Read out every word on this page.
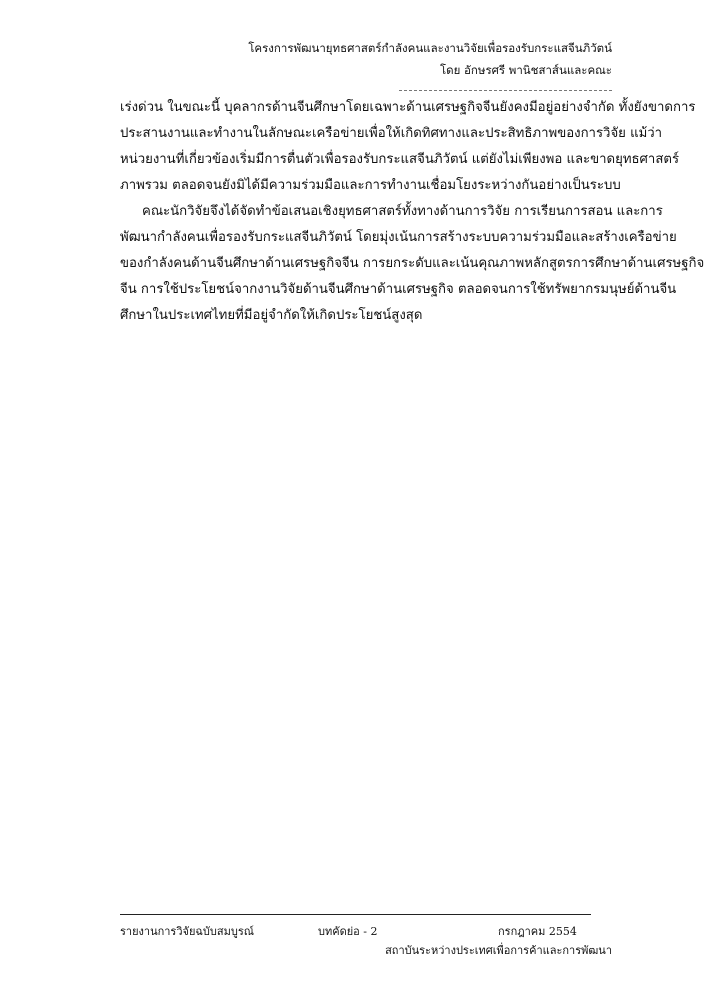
โครงการพัฒนายุทธศาสตร์กำลังคนและงานวิจัยเพื่อรองรับกระแสจีนภิวัตน์
โดย อักษรศรี พานิชสาส์นและคณะ
เร่งด่วน ในขณะนี้ บุคลากรด้านจีนศึกษาโดยเฉพาะด้านเศรษฐกิจจีนยังคงมีอยู่อย่างจำกัด ทั้งยังขาดการ
ประสานงานและทำงานในลักษณะเครือข่ายเพื่อให้เกิดทิศทางและประสิทธิภาพของการวิจัย แม้ว่า
หน่วยงานที่เกี่ยวข้องเริ่มมีการตื่นตัวเพื่อรองรับกระแสจีนภิวัตน์ แต่ยังไม่เพียงพอ และขาดยุทธศาสตร์
ภาพรวม ตลอดจนยังมิได้มีความร่วมมือและการทำงานเชื่อมโยงระหว่างกันอย่างเป็นระบบ
คณะนักวิจัยจึงได้จัดทำข้อเสนอเชิงยุทธศาสตร์ทั้งทางด้านการวิจัย การเรียนการสอน และการ
พัฒนากำลังคนเพื่อรองรับกระแสจีนภิวัตน์ โดยมุ่งเน้นการสร้างระบบความร่วมมือและสร้างเครือข่าย
ของกำลังคนด้านจีนศึกษาด้านเศรษฐกิจจีน การยกระดับและเน้นคุณภาพหลักสูตรการศึกษาด้านเศรษฐกิจ
จีน การใช้ประโยชน์จากงานวิจัยด้านจีนศึกษาด้านเศรษฐกิจ ตลอดจนการใช้ทรัพยากรมนุษย์ด้านจีน
ศึกษาในประเทศไทยที่มีอยู่จำกัดให้เกิดประโยชน์สูงสุด
รายงานการวิจัยฉบับสมบูรณ์	บทคัดย่อ - 2	กรกฎาคม 2554
สถาบันระหว่างประเทศเพื่อการค้าและการพัฒนา
